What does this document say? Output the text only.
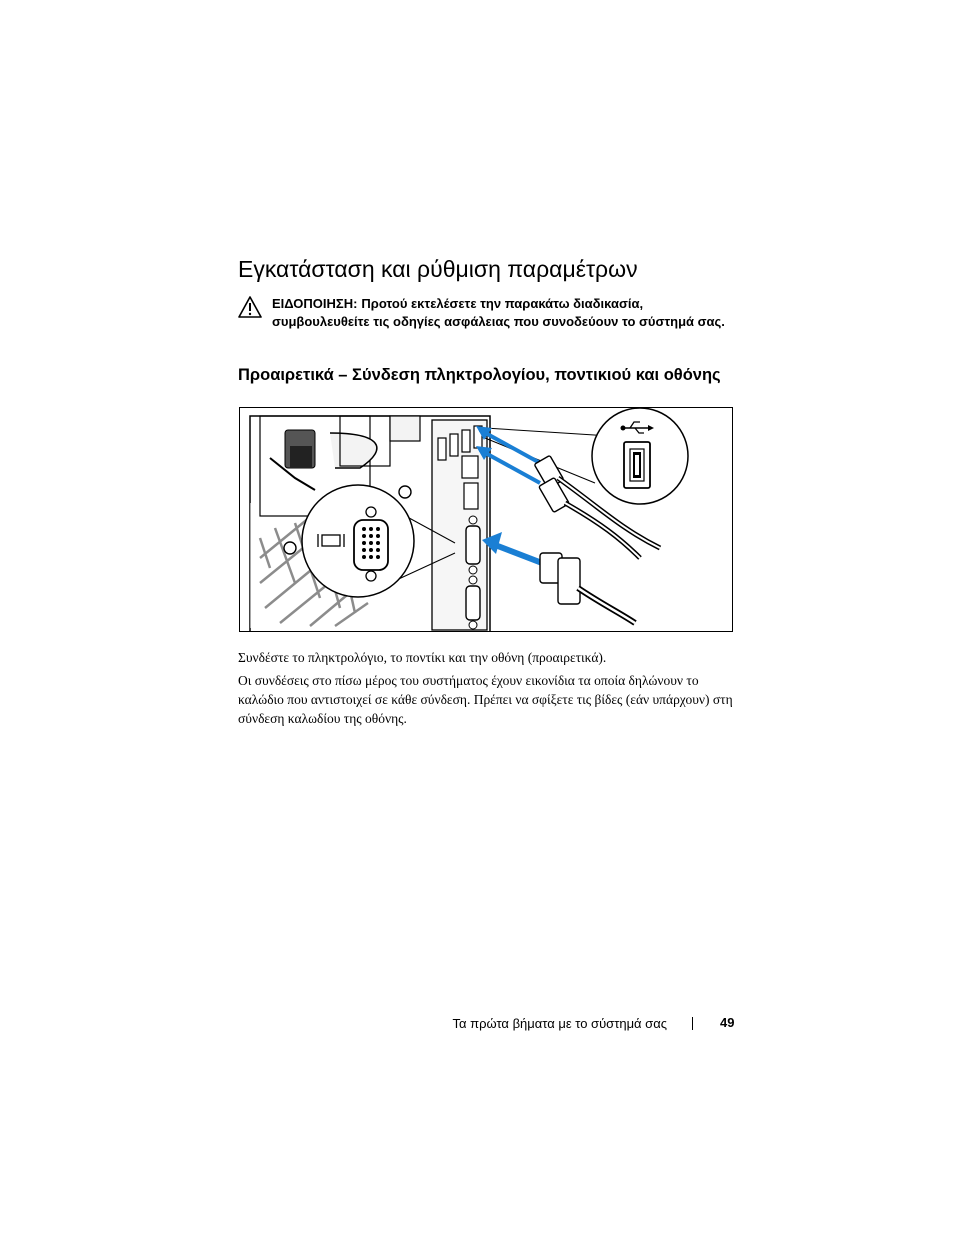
Εγκατάσταση και ρύθμιση παραμέτρων
ΕΙΔΟΠΟΙΗΣΗ: Προτού εκτελέσετε την παρακάτω διαδικασία, συμβουλευθείτε τις οδηγίες ασφάλειας που συνοδεύουν το σύστημά σας.
Προαιρετικά – Σύνδεση πληκτρολογίου, ποντικιού και οθόνης

Συνδέστε το πληκτρολόγιο, το ποντίκι και την οθόνη (προαιρετικά).

Οι συνδέσεις στο πίσω μέρος του συστήματος έχουν εικονίδια τα οποία δηλώνουν το καλώδιο που αντιστοιχεί σε κάθε σύνδεση. Πρέπει να σφίξετε τις βίδες (εάν υπάρχουν) στη σύνδεση καλωδίου της οθόνης.

Τα πρώτα βήματα με το σύστημά σας	49
